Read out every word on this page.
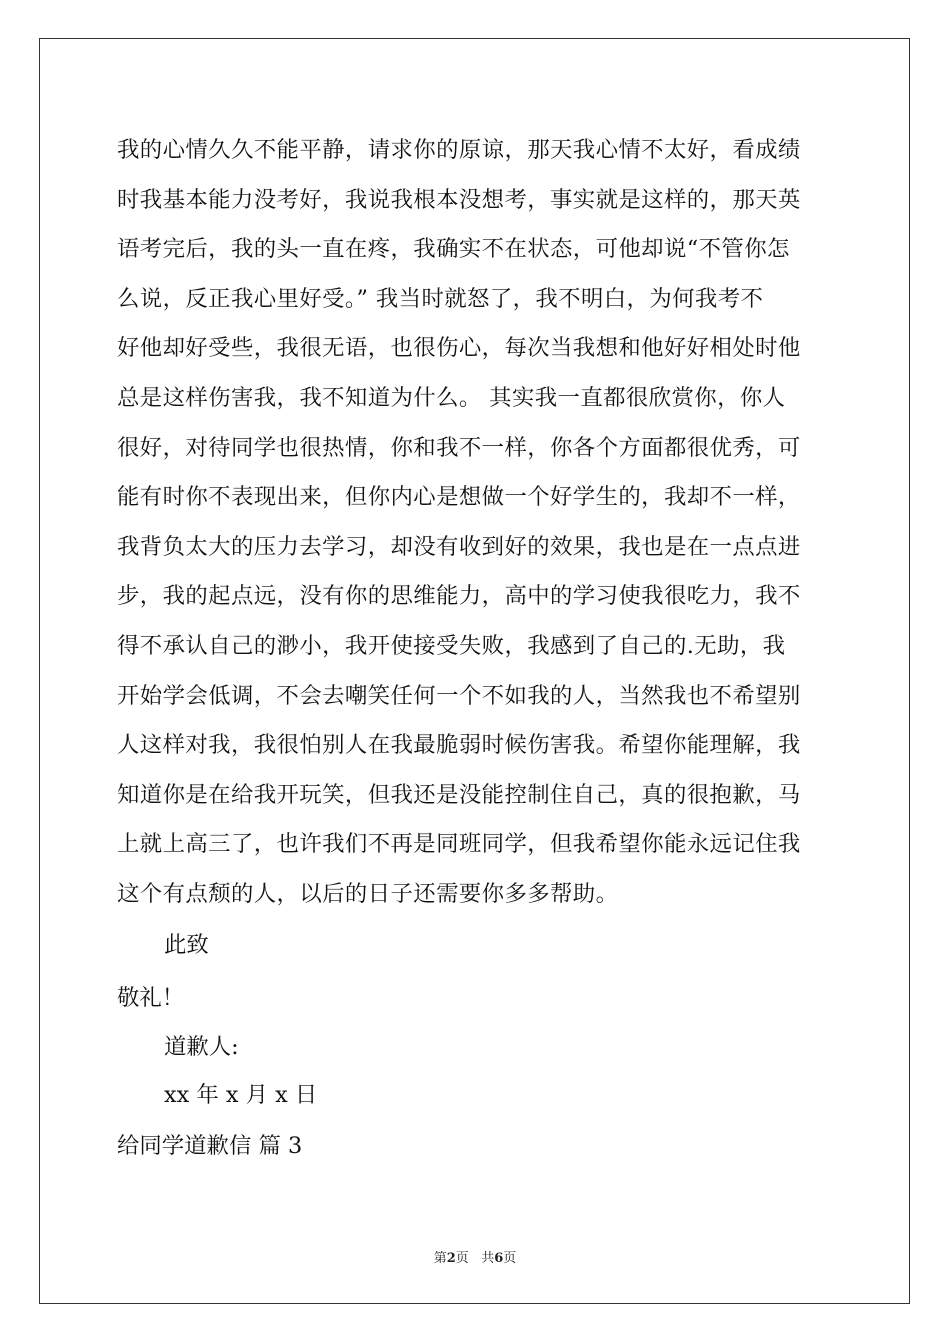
我的心情久久不能平静，请求你的原谅，那天我心情不太好，看成绩
时我基本能力没考好，我说我根本没想考，事实就是这样的，那天英
语考完后，我的头一直在疼，我确实不在状态，可他却说“不管你怎
么说，反正我心里好受。” 我当时就怒了，我不明白，为何我考不
好他却好受些，我很无语，也很伤心，每次当我想和他好好相处时他
总是这样伤害我，我不知道为什么。 其实我一直都很欣赏你，你人
很好，对待同学也很热情，你和我不一样，你各个方面都很优秀，可
能有时你不表现出来，但你内心是想做一个好学生的，我却不一样，
我背负太大的压力去学习，却没有收到好的效果，我也是在一点点进
步，我的起点远，没有你的思维能力，高中的学习使我很吃力，我不
得不承认自己的渺小，我开使接受失败，我感到了自己的.无助，我
开始学会低调，不会去嘲笑任何一个不如我的人，当然我也不希望别
人这样对我，我很怕别人在我最脆弱时候伤害我。希望你能理解，我
知道你是在给我开玩笑，但我还是没能控制住自己，真的很抱歉，马
上就上高三了，也许我们不再是同班同学，但我希望你能永远记住我
这个有点颓的人，以后的日子还需要你多多帮助。
此致
敬礼！
道歉人:
xx 年 x 月 x 日
给同学道歉信 篇 3
第2页 共6页
